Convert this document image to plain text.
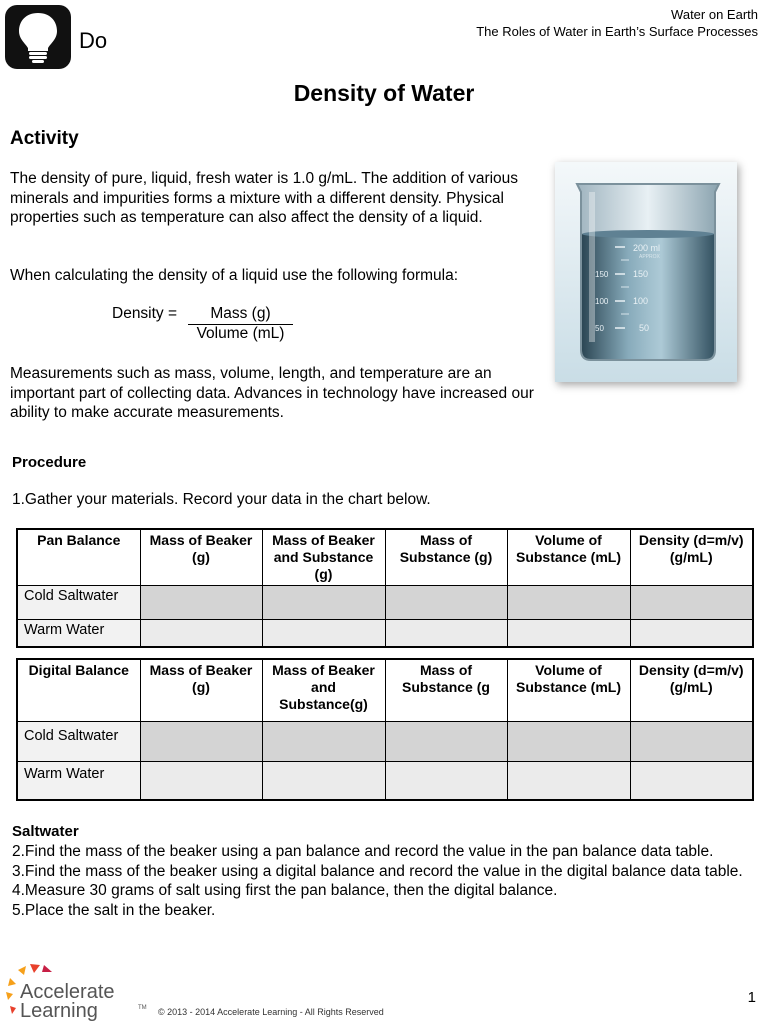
Do
Water on Earth
The Roles of Water in Earth’s Surface Processes
Density of Water
Activity
The density of pure, liquid, fresh water is 1.0 g/mL. The addition of various minerals and impurities forms a mixture with a different density. Physical properties such as temperature can also affect the density of a liquid.
When calculating the density of a liquid use the following formula:
Density =	Mass (g)
Volume (mL)
Measurements such as mass, volume, length, and temperature are an important part of collecting data. Advances in technology have increased our ability to make accurate measurements.
200 ml
APPROX
150
100
50
150
100
50
Procedure
1.Gather your materials. Record your data in the chart below.
Pan Balance	Mass of Beaker (g)	Mass of Beaker and Substance (g)	Mass of Substance (g)	Volume of Substance (mL)	Density (d=m/v) (g/mL)
Cold Saltwater					
Warm Water					
Digital Balance	Mass of Beaker (g)	Mass of Beaker and Substance(g)	Mass of Substance (g	Volume of Substance (mL)	Density (d=m/v) (g/mL)
Cold Saltwater					
Warm Water					
Saltwater
2.Find the mass of the beaker using a pan balance and record the value in the pan balance data table.
3.Find the mass of the beaker using a digital balance and record the value in the digital balance data table.
4.Measure 30 grams of salt using first the pan balance, then the digital balance.
5.Place the salt in the beaker.
Accelerate
Learning	TM © 2013 - 2014 Accelerate Learning - All Rights Reserved
1
